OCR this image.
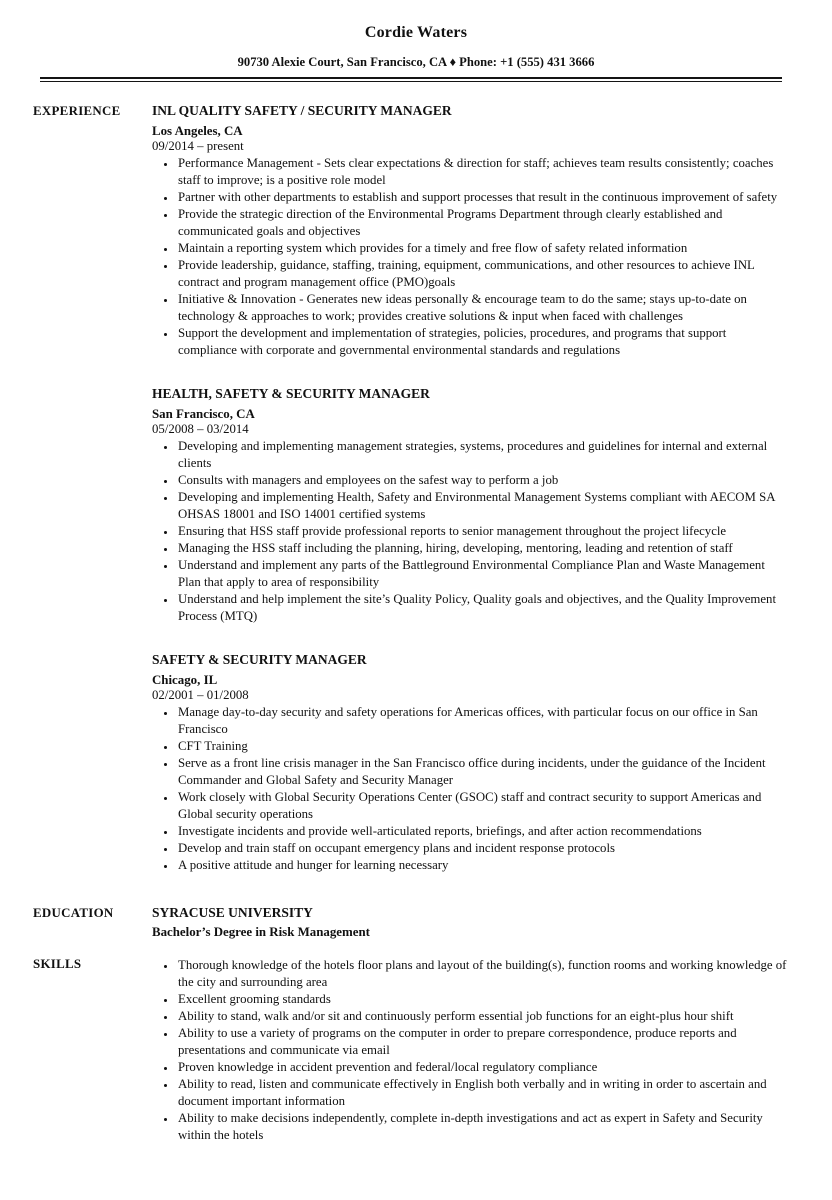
Cordie Waters
90730 Alexie Court, San Francisco, CA ♦ Phone: +1 (555) 431 3666
EXPERIENCE	INL QUALITY SAFETY / SECURITY MANAGER
Los Angeles, CA
09/2014 – present
• Performance Management - Sets clear expectations & direction for staff; achieves team results consistently; coaches staff to improve; is a positive role model
• Partner with other departments to establish and support processes that result in the continuous improvement of safety
• Provide the strategic direction of the Environmental Programs Department through clearly established and communicated goals and objectives
• Maintain a reporting system which provides for a timely and free flow of safety related information
• Provide leadership, guidance, staffing, training, equipment, communications, and other resources to achieve INL contract and program management office (PMO)goals
• Initiative & Innovation - Generates new ideas personally & encourage team to do the same; stays up-to-date on technology & approaches to work; provides creative solutions & input when faced with challenges
• Support the development and implementation of strategies, policies, procedures, and programs that support compliance with corporate and governmental environmental standards and regulations
HEALTH, SAFETY & SECURITY MANAGER
San Francisco, CA
05/2008 – 03/2014
• Developing and implementing management strategies, systems, procedures and guidelines for internal and external clients
• Consults with managers and employees on the safest way to perform a job
• Developing and implementing Health, Safety and Environmental Management Systems compliant with AECOM SA OHSAS 18001 and ISO 14001 certified systems
• Ensuring that HSS staff provide professional reports to senior management throughout the project lifecycle
• Managing the HSS staff including the planning, hiring, developing, mentoring, leading and retention of staff
• Understand and implement any parts of the Battleground Environmental Compliance Plan and Waste Management Plan that apply to area of responsibility
• Understand and help implement the site’s Quality Policy, Quality goals and objectives, and the Quality Improvement Process (MTQ)
SAFETY & SECURITY MANAGER
Chicago, IL
02/2001 – 01/2008
• Manage day-to-day security and safety operations for Americas offices, with particular focus on our office in San Francisco
• CFT Training
• Serve as a front line crisis manager in the San Francisco office during incidents, under the guidance of the Incident Commander and Global Safety and Security Manager
• Work closely with Global Security Operations Center (GSOC) staff and contract security to support Americas and Global security operations
• Investigate incidents and provide well-articulated reports, briefings, and after action recommendations
• Develop and train staff on occupant emergency plans and incident response protocols
• A positive attitude and hunger for learning necessary
EDUCATION	SYRACUSE UNIVERSITY
Bachelor’s Degree in Risk Management
SKILLS	• Thorough knowledge of the hotels floor plans and layout of the building(s), function rooms and working knowledge of the city and surrounding area
• Excellent grooming standards
• Ability to stand, walk and/or sit and continuously perform essential job functions for an eight-plus hour shift
• Ability to use a variety of programs on the computer in order to prepare correspondence, produce reports and presentations and communicate via email
• Proven knowledge in accident prevention and federal/local regulatory compliance
• Ability to read, listen and communicate effectively in English both verbally and in writing in order to ascertain and document important information
• Ability to make decisions independently, complete in-depth investigations and act as expert in Safety and Security within the hotels
